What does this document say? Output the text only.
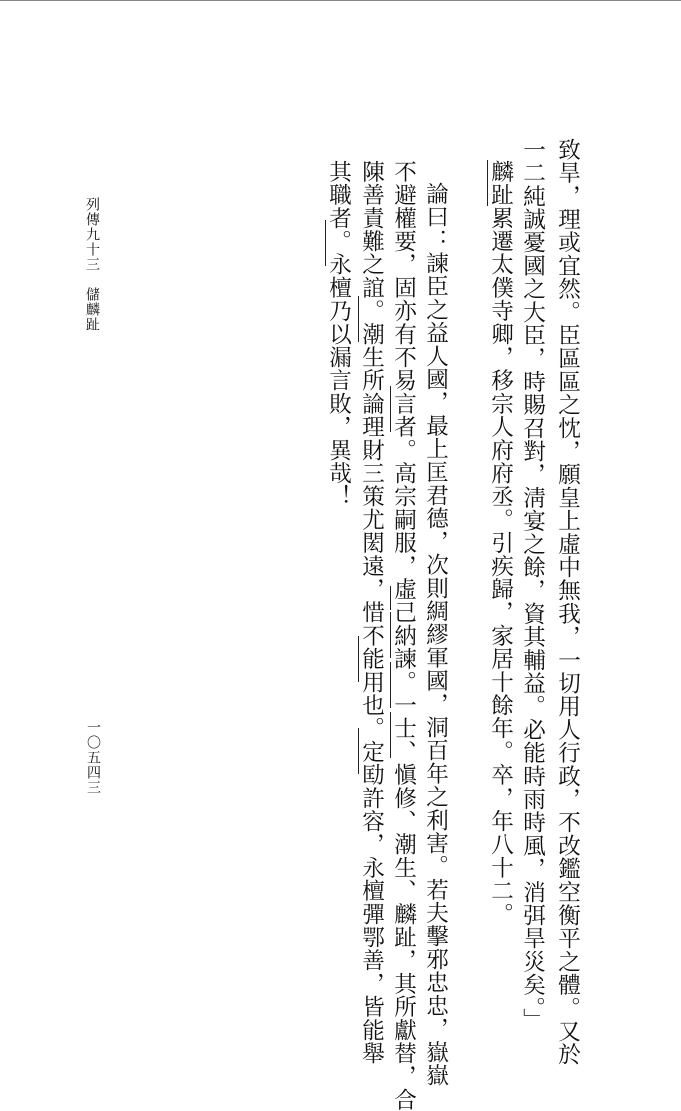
列傳九十三　儲麟趾
一〇五四三	致旱，理或宜然。臣區區之忱，願皇上虛中無我，一切用人行政，不改鑑空衡平之體。又於
一二純誠憂國之大臣，時賜召對，淸宴之餘，資其輔益。必能時雨時風，消弭旱災矣。」
麟趾累遷太僕寺卿，移宗人府府丞。引疾歸，家居十餘年。卒，年八十二。
論曰：諫臣之益人國，最上匡君德，次則綢繆軍國，洞百年之利害。若夫擊邪忠忠，嶽嶽
不避權要，固亦有不易言者。高宗嗣服，虛己納諫。一士、愼修、潮生、麟趾，其所獻替，合
陳善責難之誼。潮生所論理財三策尤閎遠，惜不能用也。定劻許容，永檀彈鄂善，皆能舉
其職者。永檀乃以漏言敗，異哉！
